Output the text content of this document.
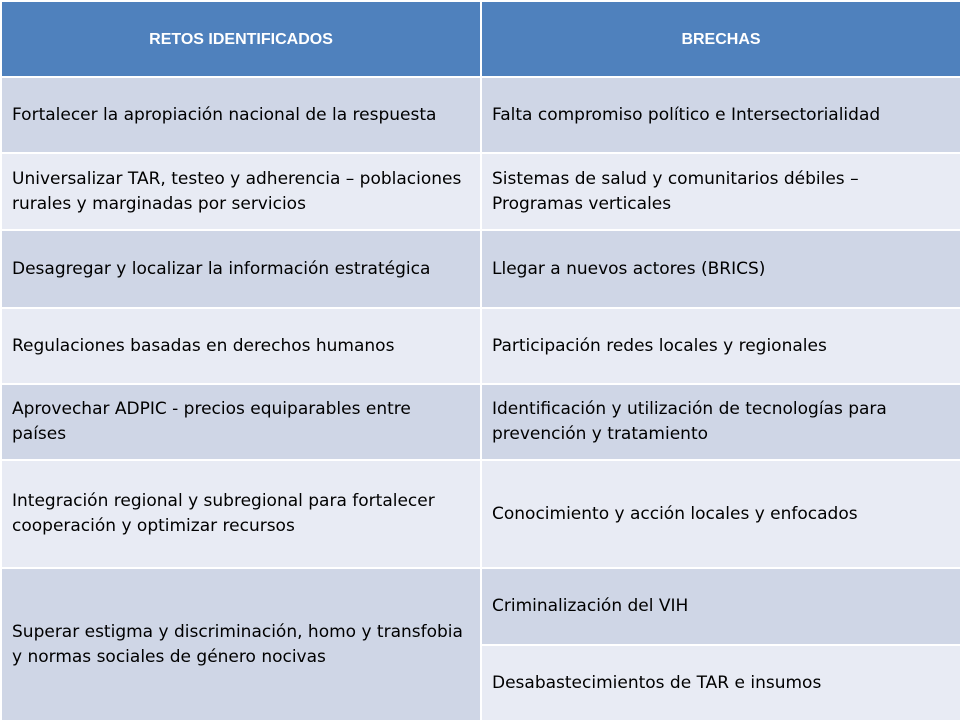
RETOS IDENTIFICADOS	BRECHAS
Fortalecer la apropiación nacional de la respuesta	Falta compromiso político e Intersectorialidad
Universalizar TAR, testeo y adherencia – poblaciones rurales y marginadas por servicios	Sistemas de salud y comunitarios débiles – Programas verticales
Desagregar y localizar la información estratégica	Llegar a nuevos actores (BRICS)
Regulaciones basadas en derechos humanos	Participación redes locales y regionales
Aprovechar ADPIC - precios equiparables entre países	Identificación y utilización de tecnologías para prevención y tratamiento
Integración regional y subregional para fortalecer cooperación y optimizar recursos	Conocimiento y acción locales y enfocados
Superar estigma y discriminación, homo y transfobia y normas sociales de género nocivas	Criminalización del VIH
	Desabastecimientos de TAR e insumos
